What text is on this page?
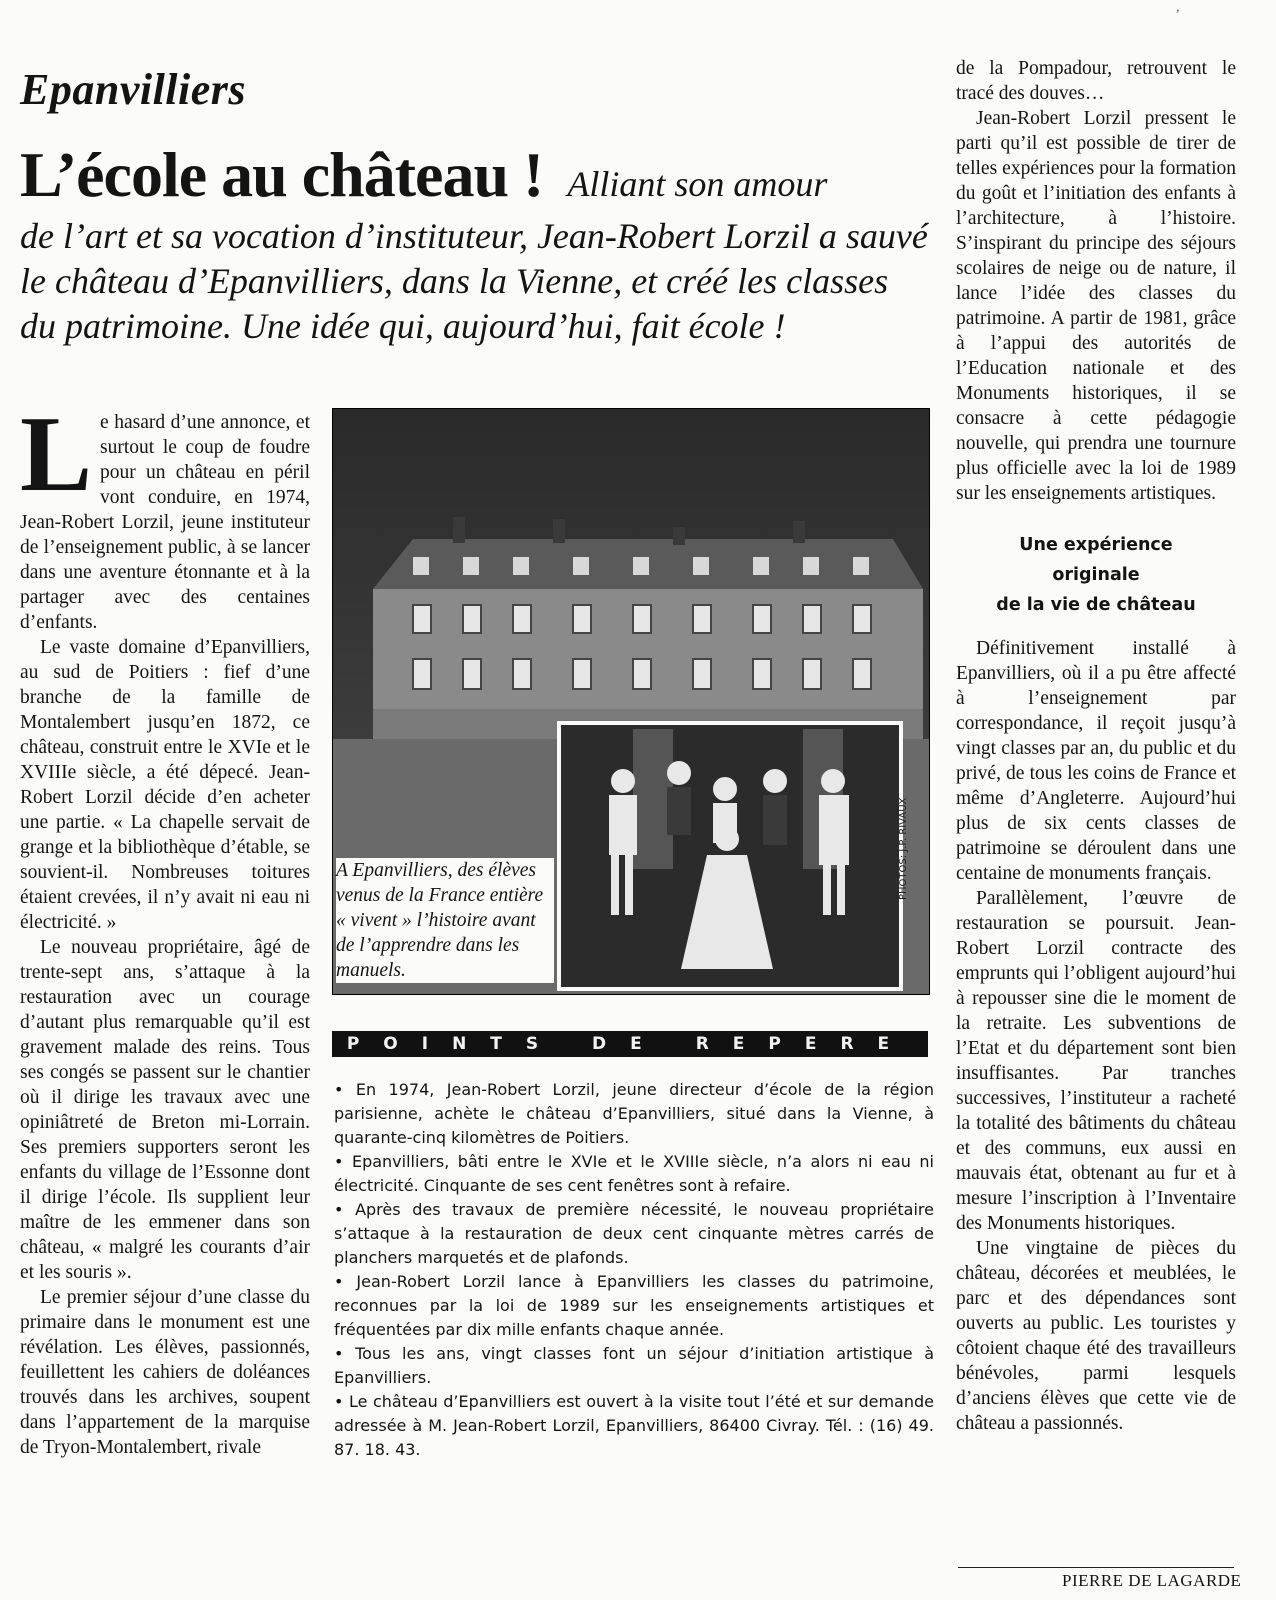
,
Epanvilliers
L’école au château ! Alliant son amour
de l’art et sa vocation d’instituteur, Jean-Robert Lorzil a sauvé le château d’Epanvilliers, dans la Vienne, et créé les classes du patrimoine. Une idée qui, aujourd’hui, fait école !

Le hasard d’une annonce, et surtout le coup de foudre pour un château en péril vont conduire, en 1974, Jean-Robert Lorzil, jeune instituteur de l’enseignement public, à se lancer dans une aventure étonnante et à la partager avec des centaines d’enfants.

Le vaste domaine d’Epanvilliers, au sud de Poitiers : fief d’une branche de la famille de Montalembert jusqu’en 1872, ce château, construit entre le XVIe et le XVIIIe siècle, a été dépecé. Jean-Robert Lorzil décide d’en acheter une partie. « La chapelle servait de grange et la bibliothèque d’étable, se souvient-il. Nombreuses toitures étaient crevées, il n’y avait ni eau ni électricité. »

Le nouveau propriétaire, âgé de trente-sept ans, s’attaque à la restauration avec un courage d’autant plus remarquable qu’il est gravement malade des reins. Tous ses congés se passent sur le chantier où il dirige les travaux avec une opiniâtreté de Breton mi-Lorrain. Ses premiers supporters seront les enfants du village de l’Essonne dont il dirige l’école. Ils supplient leur maître de les emmener dans son château, « malgré les courants d’air et les souris ».

Le premier séjour d’une classe du primaire dans le monument est une révélation. Les élèves, passionnés, feuillettent les cahiers de doléances trouvés dans les archives, soupent dans l’appartement de la marquise de Tryon-Montalembert, rivale

A Epanvilliers, des élèves venus de la France entière « vivent » l’histoire avant de l’apprendre dans les manuels.
PHOTOS: J.P. RIVAUX
POINTS DE REPERE
• En 1974, Jean-Robert Lorzil, jeune directeur d’école de la région parisienne, achète le château d’Epanvilliers, situé dans la Vienne, à quarante-cinq kilomètres de Poitiers.
• Epanvilliers, bâti entre le XVIe et le XVIIIe siècle, n’a alors ni eau ni électricité. Cinquante de ses cent fenêtres sont à refaire.
• Après des travaux de première nécessité, le nouveau propriétaire s’attaque à la restauration de deux cent cinquante mètres carrés de planchers marquetés et de plafonds.
• Jean-Robert Lorzil lance à Epanvilliers les classes du patrimoine, reconnues par la loi de 1989 sur les enseignements artistiques et fréquentées par dix mille enfants chaque année.
• Tous les ans, vingt classes font un séjour d’initiation artistique à Epanvilliers.
• Le château d’Epanvilliers est ouvert à la visite tout l’été et sur demande adressée à M. Jean-Robert Lorzil, Epanvilliers, 86400 Civray. Tél. : (16) 49. 87. 18. 43.

de la Pompadour, retrouvent le tracé des douves…

Jean-Robert Lorzil pressent le parti qu’il est possible de tirer de telles expériences pour la formation du goût et l’initiation des enfants à l’architecture, à l’histoire. S’inspirant du principe des séjours scolaires de neige ou de nature, il lance l’idée des classes du patrimoine. A partir de 1981, grâce à l’appui des autorités de l’Education nationale et des Monuments historiques, il se consacre à cette pédagogie nouvelle, qui prendra une tournure plus officielle avec la loi de 1989 sur les enseignements artistiques.

Une expérience
originale
de la vie de château

Définitivement installé à Epanvilliers, où il a pu être affecté à l’enseignement par correspondance, il reçoit jusqu’à vingt classes par an, du public et du privé, de tous les coins de France et même d’Angleterre. Aujourd’hui plus de six cents classes de patrimoine se déroulent dans une centaine de monuments français.

Parallèlement, l’œuvre de restauration se poursuit. Jean-Robert Lorzil contracte des emprunts qui l’obligent aujourd’hui à repousser sine die le moment de la retraite. Les subventions de l’Etat et du département sont bien insuffisantes. Par tranches successives, l’instituteur a racheté la totalité des bâtiments du château et des communs, eux aussi en mauvais état, obtenant au fur et à mesure l’inscription à l’Inventaire des Monuments historiques.

Une vingtaine de pièces du château, décorées et meublées, le parc et des dépendances sont ouverts au public. Les touristes y côtoient chaque été des travailleurs bénévoles, parmi lesquels d’anciens élèves que cette vie de château a passionnés.

PIERRE DE LAGARDE
